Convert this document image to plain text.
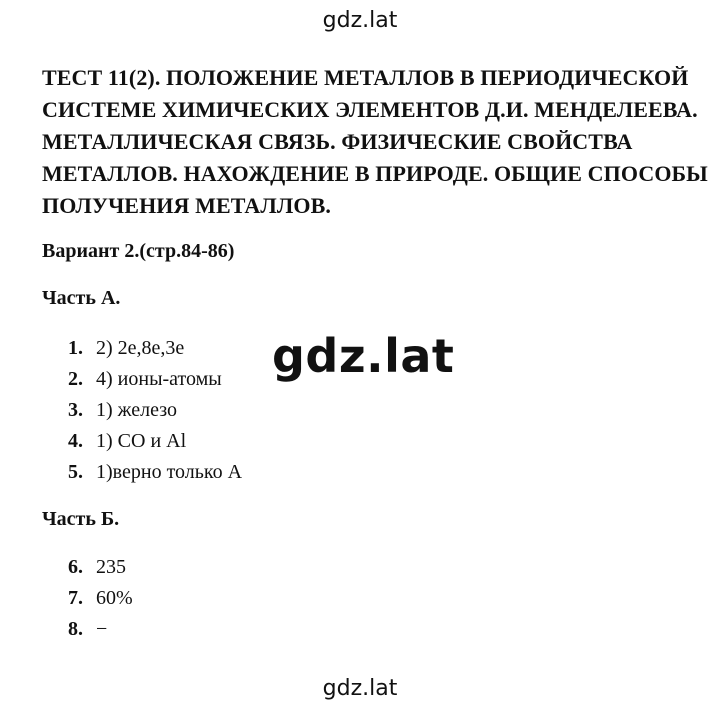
gdz.lat
ТЕСТ 11(2). ПОЛОЖЕНИЕ МЕТАЛЛОВ В ПЕРИОДИЧЕСКОЙ
СИСТЕМЕ ХИМИЧЕСКИХ ЭЛЕМЕНТОВ Д.И. МЕНДЕЛЕЕВА.
МЕТАЛЛИЧЕСКАЯ СВЯЗЬ. ФИЗИЧЕСКИЕ СВОЙСТВА
МЕТАЛЛОВ. НАХОЖДЕНИЕ В ПРИРОДЕ. ОБЩИЕ СПОСОБЫ
ПОЛУЧЕНИЯ МЕТАЛЛОВ.
Вариант 2.(стр.84-86)
Часть А.
1. 2) 2e,8e,3e
2. 4) ионы-атомы
3. 1) железо
4. 1) CO и Al
5. 1)верно только А
gdz.lat
Часть Б.
6. 235
7. 60%
8. −
gdz.lat
